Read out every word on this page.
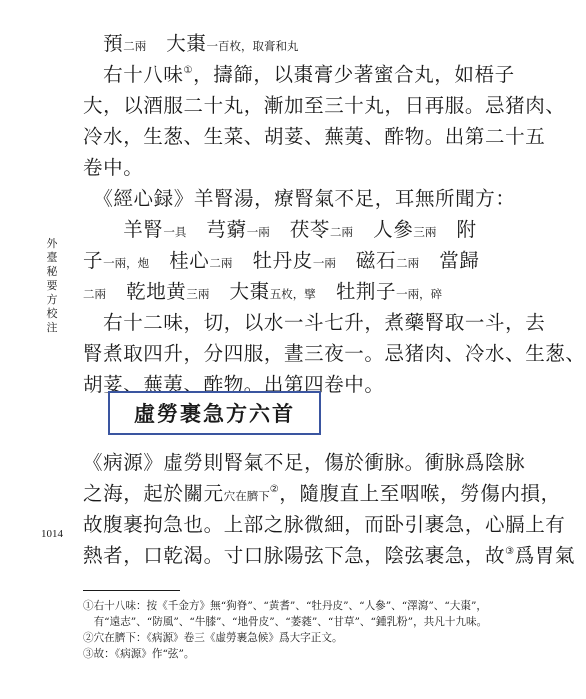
外臺秘要方校注
1014
　預二兩　大棗一百枚，取膏和丸
　右十八味①，擣篩，以棗膏少著蜜合丸，如梧子
大，以酒服二十丸，漸加至三十丸，日再服。忌猪肉、
冷水，生葱、生菜、胡荽、蕪荑、酢物。出第二十五
卷中。
　《經心録》羊腎湯，療腎氣不足，耳無所聞方：
　　羊腎一具　芎藭一兩　茯苓二兩　人參三兩　附
子一兩，炮　桂心二兩　牡丹皮一兩　磁石二兩　當歸
二兩　乾地黄三兩　大棗五枚，擘　牡荆子一兩，碎
　右十二味，切，以水一斗七升，煮藥腎取一斗，去
腎煮取四升，分四服，晝三夜一。忌猪肉、冷水、生葱、
胡荽、蕪荑、酢物。出第四卷中。
《病源》虛勞則腎氣不足，傷於衝脉。衝脉爲陰脉
之海，起於關元穴在臍下②，隨腹直上至咽喉，勞傷内損，
故腹裹拘急也。上部之脉微細，而卧引裹急，心膈上有
熱者，口乾渴。寸口脉陽弦下急，陰弦裹急，故③爲胃氣
虛勞裹急方六首
①右十八味：按《千金方》無“狗脊”、“黄耆”、“牡丹皮”、“人參”、“澤瀉”、“大棗”，
　有“遠志”、“防風”、“牛膝”、“地骨皮”、“萎蕤”、“甘草”、“鍾乳粉”，共凡十九味。
②穴在臍下：《病源》卷三《虛勞裹急候》爲大字正文。
③故：《病源》作“弦”。
